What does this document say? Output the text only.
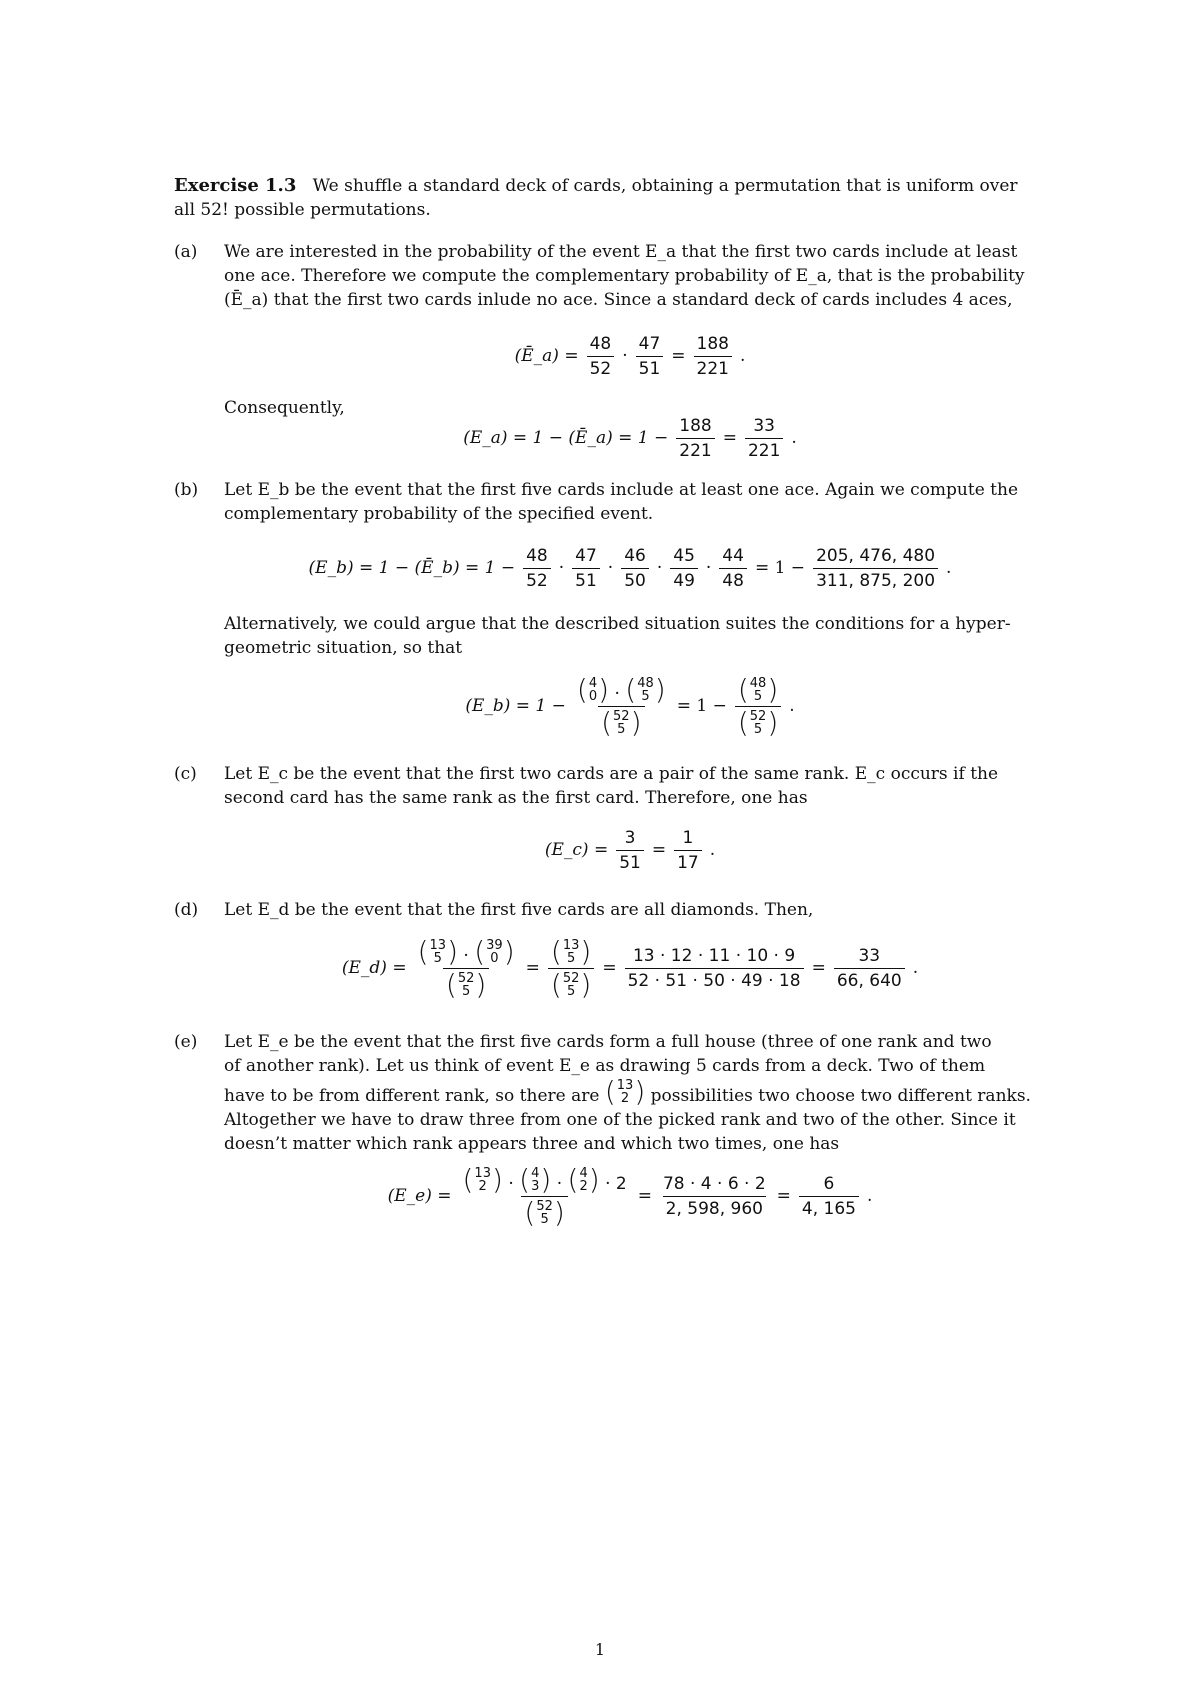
Exercise 1.3 We shuffle a standard deck of cards, obtaining a permutation that is uniform over
all 52! possible permutations.
(a) We are interested in the probability of the event E_a that the first two cards include at least
one ace. Therefore we compute the complementary probability of E_a, that is the probability
(Ē_a) that the first two cards inlude no ace. Since a standard deck of cards includes 4 aces,
(Ē_a) = $\frac{48}{52} \cdot \frac{47}{51} = \frac{188}{221}$ .
Consequently,
(E_a) = 1 − (Ē_a) = $1 - \frac{188}{221} = \frac{33}{221}$ .
(b) Let E_b be the event that the first five cards include at least one ace. Again we compute the
complementary probability of the specified event.
(E_b) = 1 − (Ē_b) = $1 - \frac{48}{52} \cdot \frac{47}{51} \cdot \frac{46}{50} \cdot \frac{45}{49} \cdot \frac{44}{48} = 1 - \frac{205, 476, 480}{311, 875, 200}$ .
Alternatively, we could argue that the described situation suites the conditions for a hyper-
geometric situation, so that
(E_b) = 1 − ( 4
0 ) · ( 48
5 )
( 52
5 ) = 1 − ( 48
5 )
( 52
5 ) .
(c) Let E_c be the event that the first two cards are a pair of the same rank. E_c occurs if the
second card has the same rank as the first card. Therefore, one has
(E_c) = $\frac{3}{51} = \frac{1}{17}$ .
(d) Let E_d be the event that the first five cards are all diamonds. Then,
(E_d) = ( 13
5 ) · ( 39
0 )
( 52
5 ) = ( 13
5 )
( 52
5 ) = $\frac{13 \cdot 12 \cdot 11 \cdot 10 \cdot 9}{52 \cdot 51 \cdot 50 \cdot 49 \cdot 18} = \frac{33}{66, 640}$ .
(e) Let E_e be the event that the first five cards form a full house (three of one rank and two
of another rank). Let us think of event E_e as drawing 5 cards from a deck. Two of them
have to be from different rank, so there are ( 13
2 ) possibilities two choose two different ranks.
Altogether we have to draw three from one of the picked rank and two of the other. Since it
doesn’t matter which rank appears three and which two times, one has
(E_e) =
( 13
2 ) · ( 4
3 ) · ( 4
2 ) · 2
( 52
5 )	= $\frac{78 \cdot 4 \cdot 6 \cdot 2}{2, 598, 960} = \frac{6}{4, 165}$ .
1
